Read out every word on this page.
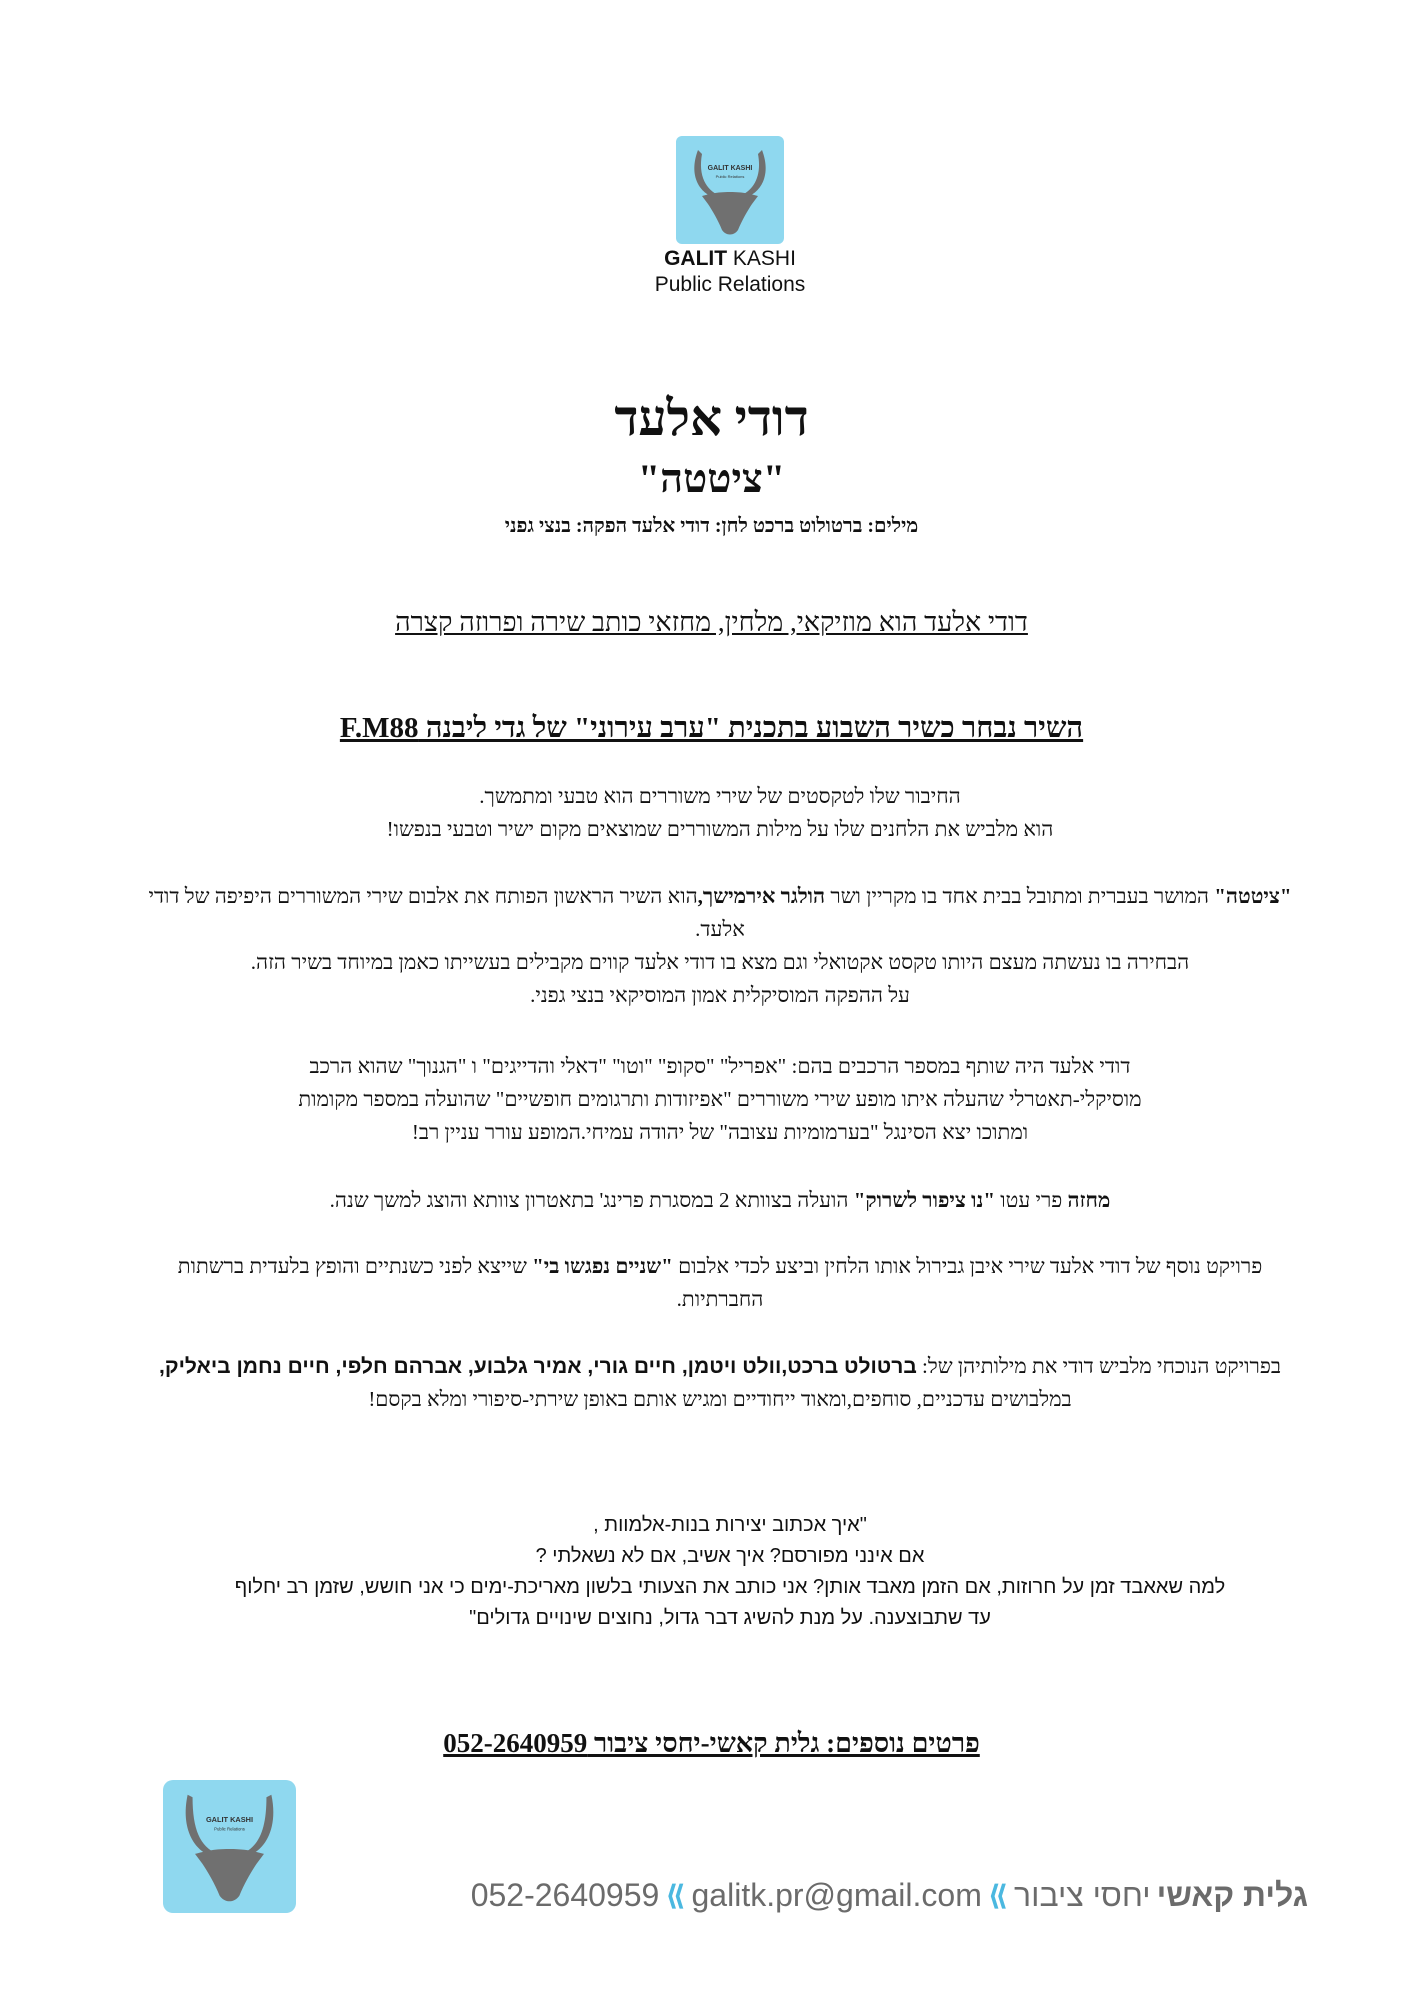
GALIT KASHI
Public Relations
GALIT KASHI
Public Relations
דודי אלעד
"ציטטה"
מילים: ברטולוט ברכט לחן: דודי אלעד הפקה: בנצי גפני
דודי אלעד הוא מוזיקאי, מלחין, מחזאי כותב שירה ופרוזה קצרה
השיר נבחר כשיר השבוע בתכנית "ערב עירוני" של גדי ליבנה F.M88
החיבור שלו לטקסטים של שירי משוררים הוא טבעי ומתמשך.
הוא מלביש את הלחנים שלו על מילות המשוררים שמוצאים מקום ישיר וטבעי בנפשו!
"ציטטה" המושר בעברית ומתובל בבית אחד בו מקריין ושר הולגר אירמישך,הוא השיר הראשון הפותח את אלבום שירי המשוררים היפיפה של דודי אלעד.
הבחירה בו נעשתה מעצם היותו טקסט אקטואלי וגם מצא בו דודי אלעד קווים מקבילים בעשייתו כאמן במיוחד בשיר הזה.
על ההפקה המוסיקלית אמון המוסיקאי בנצי גפני.
דודי אלעד היה שותף במספר הרכבים בהם: "אפריל" "סקופ" "וטו" "דאלי והדייגים" ו "הגנוך" שהוא הרכב מוסיקלי-תאטרלי שהעלה איתו מופע שירי משוררים "אפיזודות ותרגומים חופשיים" שהועלה במספר מקומות ומתוכו יצא הסינגל "בערמומיות עצובה" של יהודה עמיחי.המופע עורר עניין רב!
מחזה פרי עטו "נו ציפור לשרוק" הועלה בצוותא 2 במסגרת פרינג' בתאטרון צוותא והוצג למשך שנה.
פרויקט נוסף של דודי אלעד שירי איבן גבירול אותו הלחין וביצע לכדי אלבום "שניים נפגשו בי" שייצא לפני כשנתיים והופץ בלעדית ברשתות החברתיות.
בפרויקט הנוכחי מלביש דודי את מילותיהן של: ברטולט ברכט,וולט ויטמן, חיים גורי, אמיר גלבוע, אברהם חלפי, חיים נחמן ביאליק,
במלבושים עדכניים, סוחפים,ומאוד ייחודיים ומגיש אותם באופן שירתי-סיפורי ומלא בקסם!
"איך אכתוב יצירות בנות-אלמוות ,
אם אינני מפורסם? איך אשיב, אם לא נשאלתי ?
למה שאאבד זמן על חרוזות, אם הזמן מאבד אותן? אני כותב את הצעותי בלשון מאריכת-ימים כי אני חושש, שזמן רב יחלוף
עד שתבוצענה. על מנת להשיג דבר גדול, נחוצים שינויים גדולים"
פרטים נוספים: גלית קאשי-יחסי ציבור 052-2640959
GALIT KASHI
Public Relations
גלית קאשי
יחסי ציבור
⟪
galitk.pr@gmail.com
⟪
052-2640959
